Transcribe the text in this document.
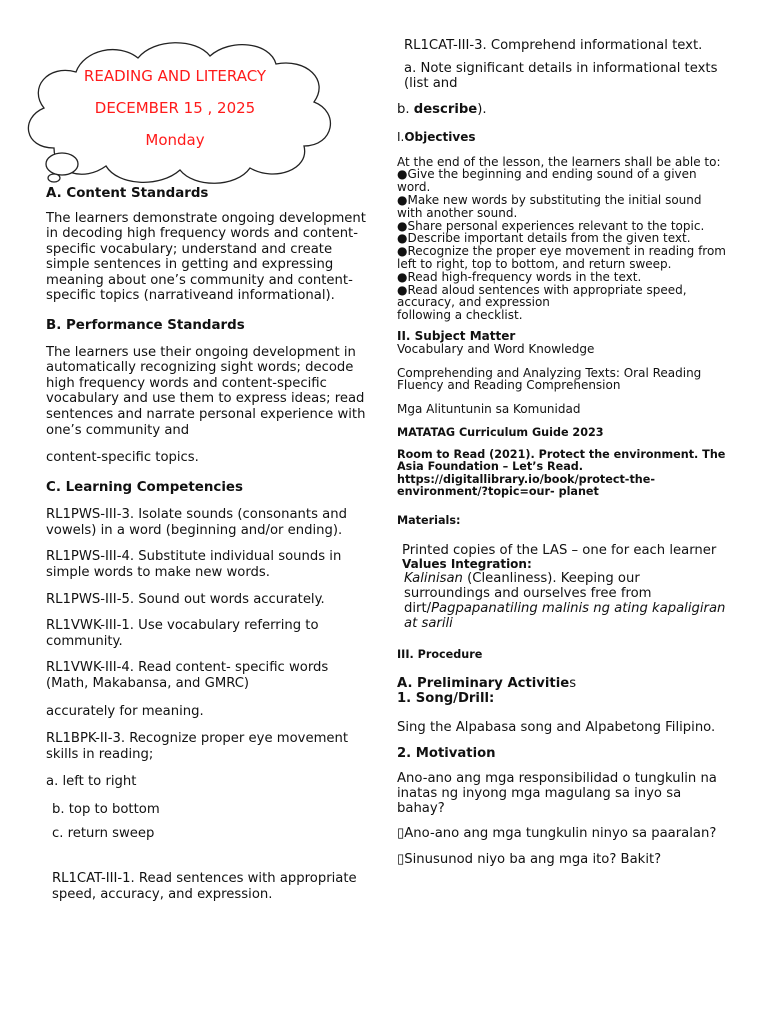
READING AND LITERACY
DECEMBER 15 , 2025
Monday
A. Content Standards
The learners demonstrate ongoing development in decoding high frequency words and content-specific vocabulary; understand and create simple sentences in getting and expressing meaning about one’s community and content-specific topics (narrativeand informational).
B. Performance Standards
The learners use their ongoing development in automatically recognizing sight words; decode high frequency words and content-specific vocabulary and use them to express ideas; read sentences and narrate personal experience with one’s community and
content-specific topics.
C. Learning Competencies
RL1PWS-III-3. Isolate sounds (consonants and vowels) in a word (beginning and/or ending).
RL1PWS-III-4. Substitute individual sounds in simple words to make new words.
RL1PWS-III-5. Sound out words accurately.
RL1VWK-III-1. Use vocabulary referring to community.
RL1VWK-III-4. Read content- specific words (Math, Makabansa, and GMRC)
accurately for meaning.
RL1BPK-II-3. Recognize proper eye movement skills in reading;
a. left to right
b. top to bottom
c. return sweep
RL1CAT-III-1. Read sentences with appropriate speed, accuracy, and expression.
RL1CAT-III-3. Comprehend informational text.
a. Note significant details in informational texts (list and
b. describe).
I.Objectives
At the end of the lesson, the learners shall be able to:
●Give the beginning and ending sound of a given word.
●Make new words by substituting the initial sound with another sound.
●Share personal experiences relevant to the topic.
●Describe important details from the given text.
●Recognize the proper eye movement in reading from left to right, top to bottom, and return sweep.
●Read high-frequency words in the text.
●Read aloud sentences with appropriate speed, accuracy, and expression
following a checklist.
II. Subject Matter
Vocabulary and Word Knowledge
Comprehending and Analyzing Texts: Oral Reading Fluency and Reading Comprehension
Mga Alituntunin sa Komunidad
MATATAG Curriculum Guide 2023
Room to Read (2021). Protect the environment. The Asia Foundation – Let’s Read. https://digitallibrary.io/book/protect-the-environment/?topic=our- planet
Materials:
Printed copies of the LAS – one for each learner
Values Integration:
Kalinisan (Cleanliness). Keeping our surroundings and ourselves free from dirt/Pagpapanatiling malinis ng ating kapaligiran at sarili
III. Procedure
A. Preliminary Activities
1. Song/Drill:
Sing the Alpabasa song and Alpabetong Filipino.
2. Motivation
Ano-ano ang mga responsibilidad o tungkulin na inatas ng inyong mga magulang sa inyo sa bahay?
▯Ano-ano ang mga tungkulin ninyo sa paaralan?
▯Sinusunod niyo ba ang mga ito? Bakit?
